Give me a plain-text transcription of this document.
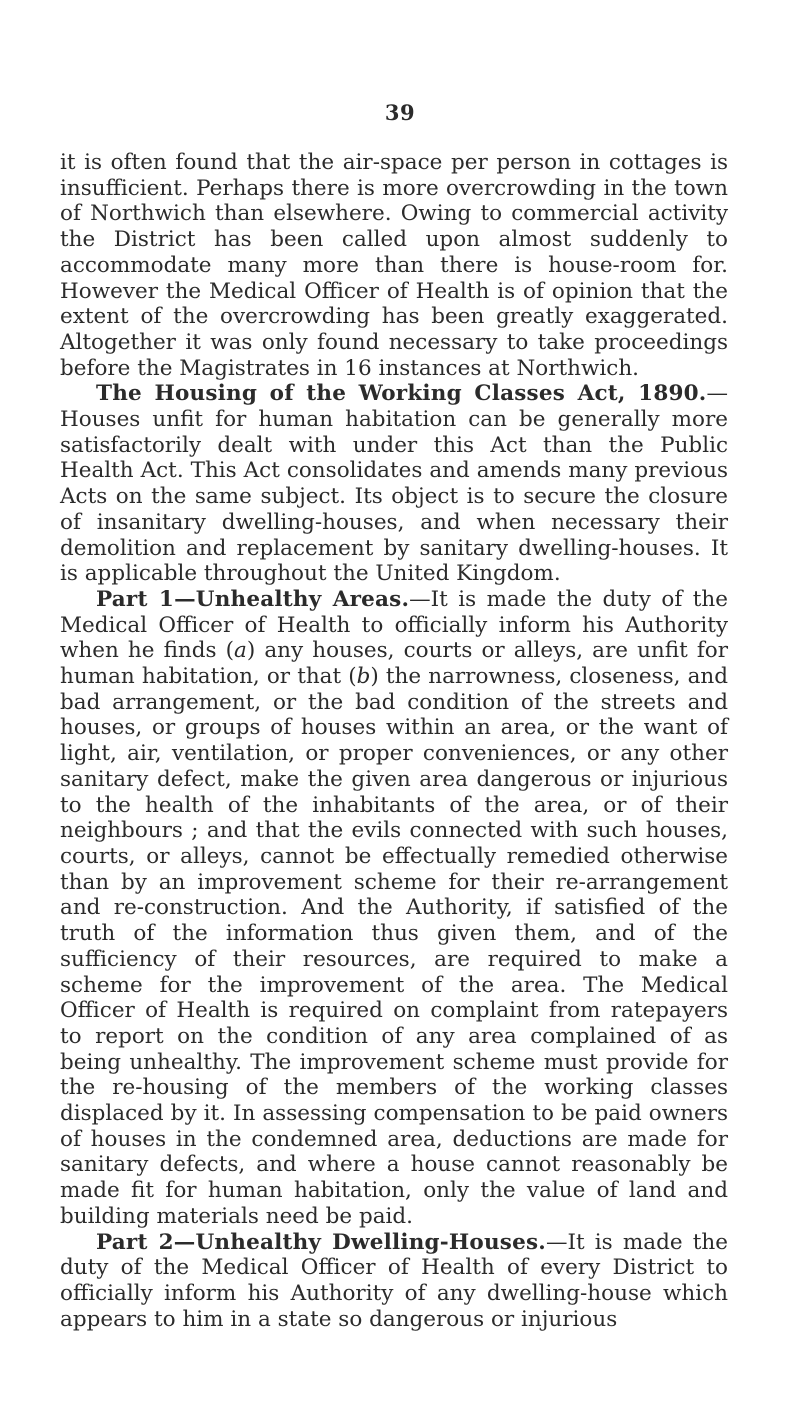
39

it is often found that the air-space per person in cottages is insufficient. Perhaps there is more overcrowding in the town of Northwich than elsewhere. Owing to commercial activity the District has been called upon almost suddenly to accommodate many more than there is house-room for. However the Medical Officer of Health is of opinion that the extent of the overcrowding has been greatly exaggerated. Altogether it was only found necessary to take proceedings before the Magistrates in 16 instances at Northwich.

The Housing of the Working Classes Act, 1890.— Houses unfit for human habitation can be generally more satisfactorily dealt with under this Act than the Public Health Act. This Act consolidates and amends many previous Acts on the same subject. Its object is to secure the closure of insanitary dwelling-houses, and when necessary their demolition and replacement by sanitary dwelling-houses. It is applicable throughout the United Kingdom.

Part 1—Unhealthy Areas.—It is made the duty of the Medical Officer of Health to officially inform his Authority when he finds (a) any houses, courts or alleys, are unfit for human habitation, or that (b) the narrowness, closeness, and bad arrangement, or the bad condition of the streets and houses, or groups of houses within an area, or the want of light, air, ventilation, or proper conveniences, or any other sanitary defect, make the given area dangerous or injurious to the health of the inhabitants of the area, or of their neighbours ; and that the evils connected with such houses, courts, or alleys, cannot be effectually remedied otherwise than by an improvement scheme for their re-arrangement and re-construction. And the Authority, if satisfied of the truth of the information thus given them, and of the sufficiency of their resources, are required to make a scheme for the improvement of the area. The Medical Officer of Health is required on complaint from ratepayers to report on the condition of any area complained of as being unhealthy. The improvement scheme must provide for the re-housing of the members of the working classes displaced by it. In assessing compensation to be paid owners of houses in the condemned area, deductions are made for sanitary defects, and where a house cannot reasonably be made fit for human habitation, only the value of land and building materials need be paid.

Part 2—Unhealthy Dwelling-Houses.—It is made the duty of the Medical Officer of Health of every District to officially inform his Authority of any dwelling-house which appears to him in a state so dangerous or injurious
